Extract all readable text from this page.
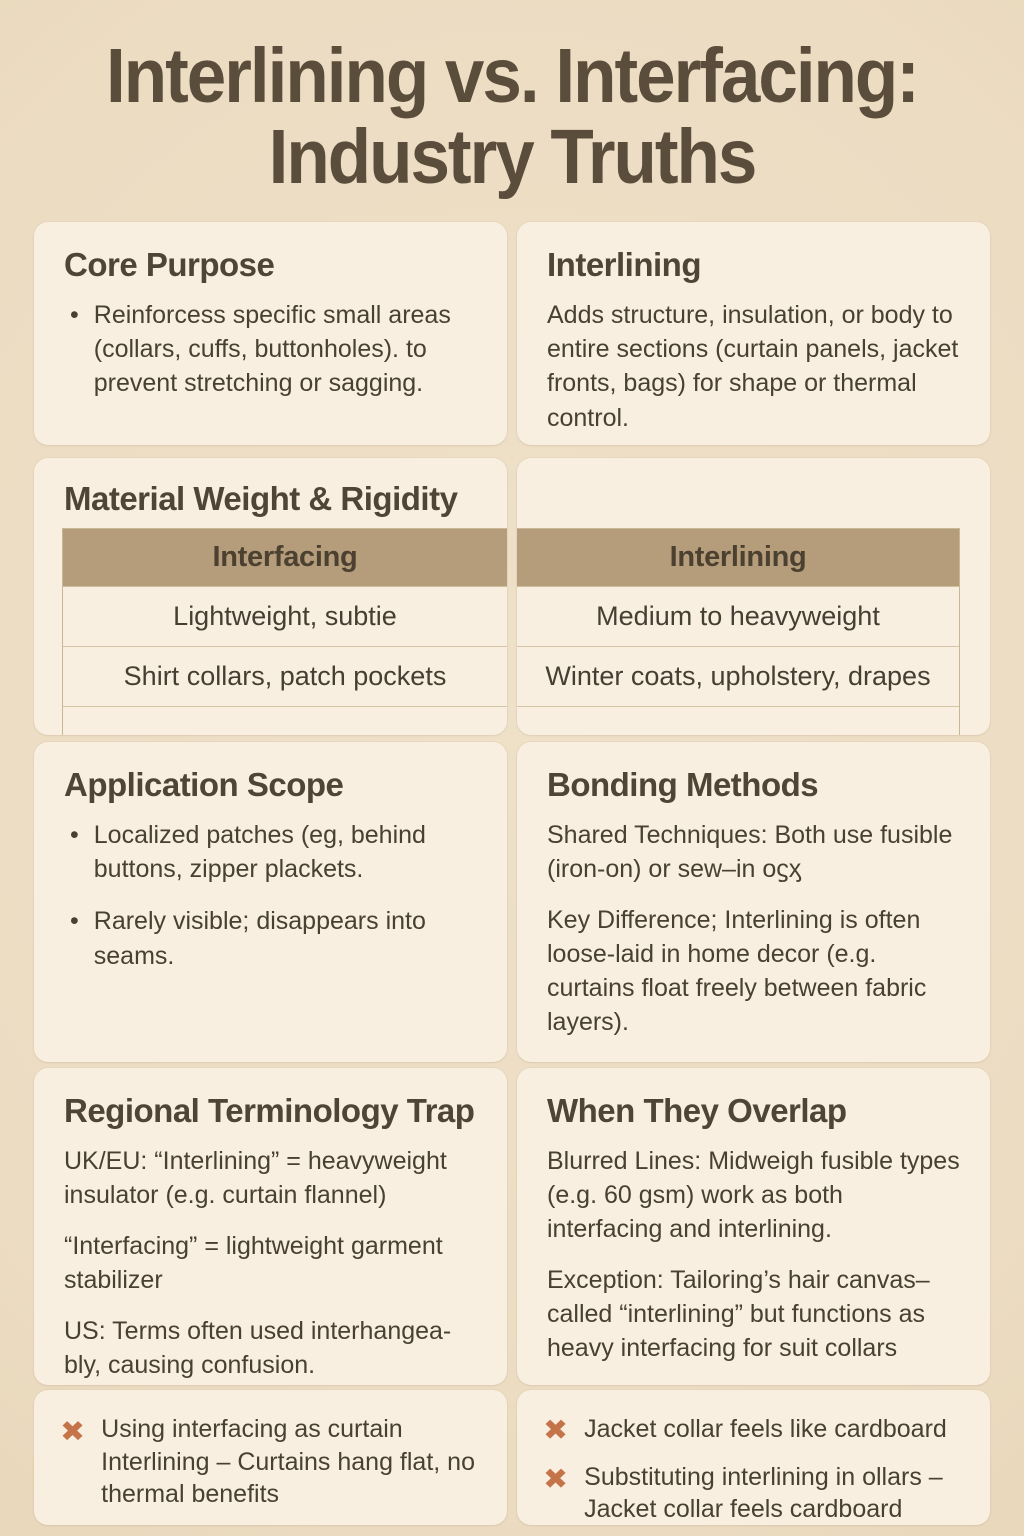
Interlining vs. Interfacing:
Industry Truths
Core Purpose
• Reinforcess specific small areas (collars, cuffs, buttonholes). to prevent stretching or sagging.
Interlining
Adds structure, insulation, or body to entire sections (curtain panels, jacket fronts, bags) for shape or thermal control.
Material Weight & Rigidity
Interfacing
Lightweight, subtie
Shirt collars, patch pockets
Interlining
Medium to heavyweight
Winter coats, upholstery, drapes
Application Scope
• Localized patches (eg, behind buttons, zipper plackets.
• Rarely visible; disappears into seams.
Bonding Methods

Shared Techniques: Both use fusible (iron-on) or sew–in oϛӽ

Key Difference; Interlining is often loose-laid in home decor (e.g. curtains float freely between fabric layers).

Regional Terminology Trap

UK/EU: “Interlining” = heavyweight insulator (e.g. curtain flannel)

“Interfacing” = lightweight garment stabilizer

US: Terms often used interhangea-bly, causing confusion.

When They Overlap

Blurred Lines: Midweigh fusible types (e.g. 60 gsm) work as both interfacing and interlining.

Exception: Tailoring’s hair canvas– called “interlining” but functions as heavy interfacing for suit collars

✖ Using interfacing as curtain Interlining – Curtains hang flat, no thermal benefits
✖ Jacket collar feels like cardboard
✖ Substituting interlining in ollars – Jacket collar feels cardboard
